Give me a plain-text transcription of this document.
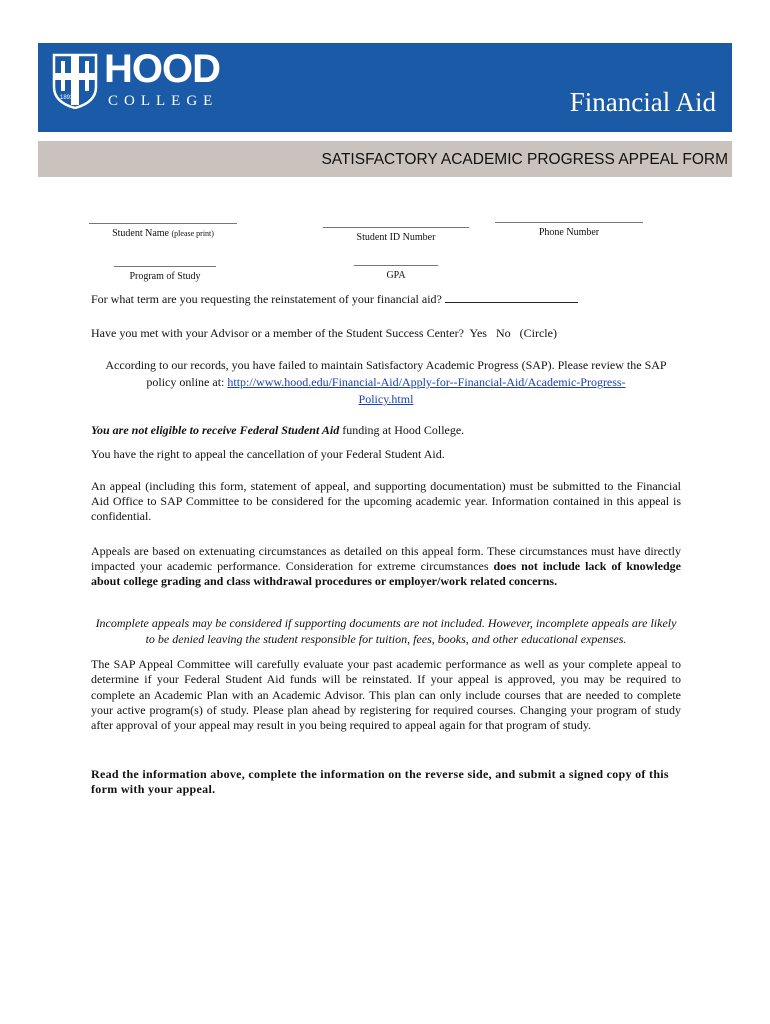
1893
HOOD
COLLEGE	Financial Aid
SATISFACTORY ACADEMIC PROGRESS APPEAL FORM
Student Name (please print)	Student ID Number	Phone Number
Program of Study	GPA

For what term are you requesting the reinstatement of your financial aid?

Have you met with your Advisor or a member of the Student Success Center? Yes No (Circle)

According to our records, you have failed to maintain Satisfactory Academic Progress (SAP). Please review the SAP policy online at: http://www.hood.edu/Financial-Aid/Apply-for--Financial-Aid/Academic-Progress-
Policy.html

You are not eligible to receive Federal Student Aid funding at Hood College.

You have the right to appeal the cancellation of your Federal Student Aid.

An appeal (including this form, statement of appeal, and supporting documentation) must be submitted to the Financial Aid Office to SAP Committee to be considered for the upcoming academic year. Information contained in this appeal is confidential.

Appeals are based on extenuating circumstances as detailed on this appeal form. These circumstances must have directly impacted your academic performance. Consideration for extreme circumstances does not include lack of knowledge about college grading and class withdrawal procedures or employer/work related concerns.

Incomplete appeals may be considered if supporting documents are not included. However, incomplete appeals are likely to be denied leaving the student responsible for tuition, fees, books, and other educational expenses.

The SAP Appeal Committee will carefully evaluate your past academic performance as well as your complete appeal to determine if your Federal Student Aid funds will be reinstated. If your appeal is approved, you may be required to complete an Academic Plan with an Academic Advisor. This plan can only include courses that are needed to complete your active program(s) of study. Please plan ahead by registering for required courses. Changing your program of study after approval of your appeal may result in you being required to appeal again for that program of study.

Read the information above, complete the information on the reverse side, and submit a signed copy of this form with your appeal.
